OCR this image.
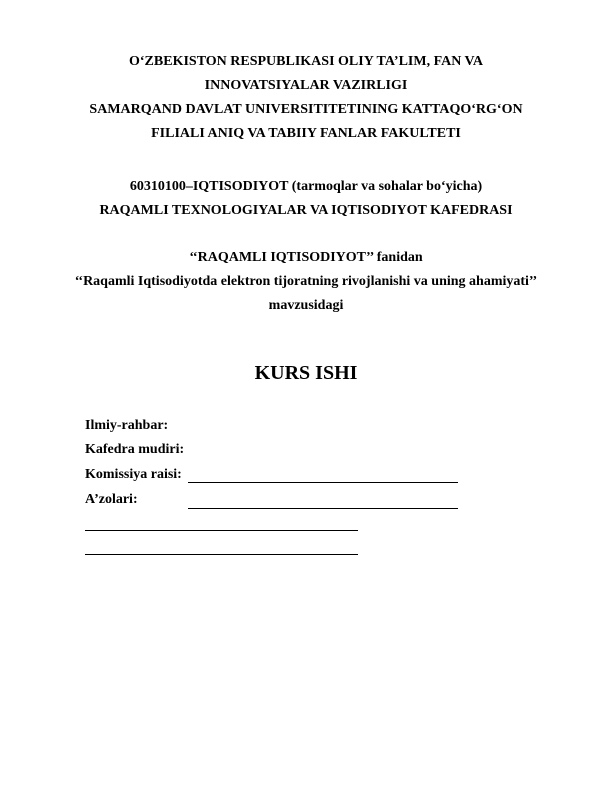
O‘ZBEKISTON RESPUBLIKASI OLIY TA’LIM, FAN VA
INNOVATSIYALAR VAZIRLIGI
SAMARQAND DAVLAT UNIVERSITITETINING KATTAQO‘RG‘ON
FILIALI ANIQ VA TABIIY FANLAR FAKULTETI
60310100–IQTISODIYOT (tarmoqlar va sohalar bo‘yicha)
RAQAMLI TEXNOLOGIYALAR VA IQTISODIYOT KAFEDRASI
‘‘RAQAMLI IQTISODIYOT’’ fanidan
‘‘Raqamli Iqtisodiyotda elektron tijoratning rivojlanishi va uning ahamiyati’’
mavzusidagi
KURS ISHI
Ilmiy-rahbar:
Kafedra mudiri:
Komissiya raisi:
A’zolari:
